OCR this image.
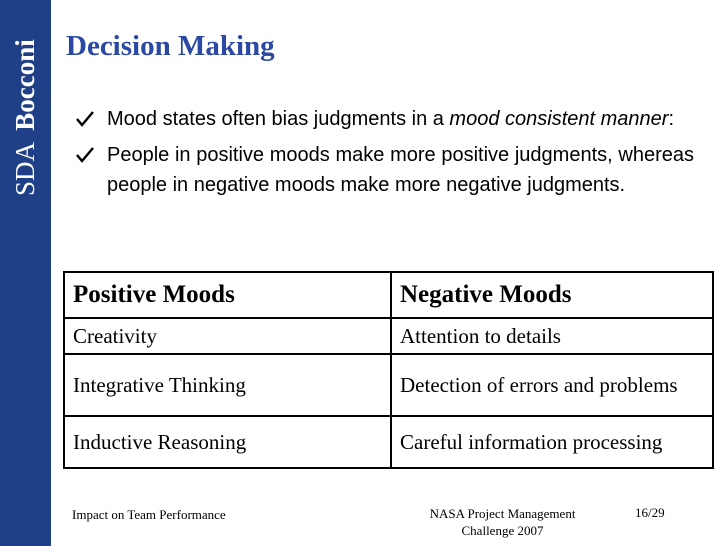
SDA Bocconi Decision Making
Mood states often bias judgments in a mood consistent manner:
People in positive moods make more positive judgments, whereas people in negative moods make more negative judgments.
Positive Moods	Negative Moods
Creativity	Attention to details
Integrative Thinking	Detection of errors and problems
Inductive Reasoning	Careful information processing
Impact on Team Performance	NASA Project Management Challenge 2007
16/29
